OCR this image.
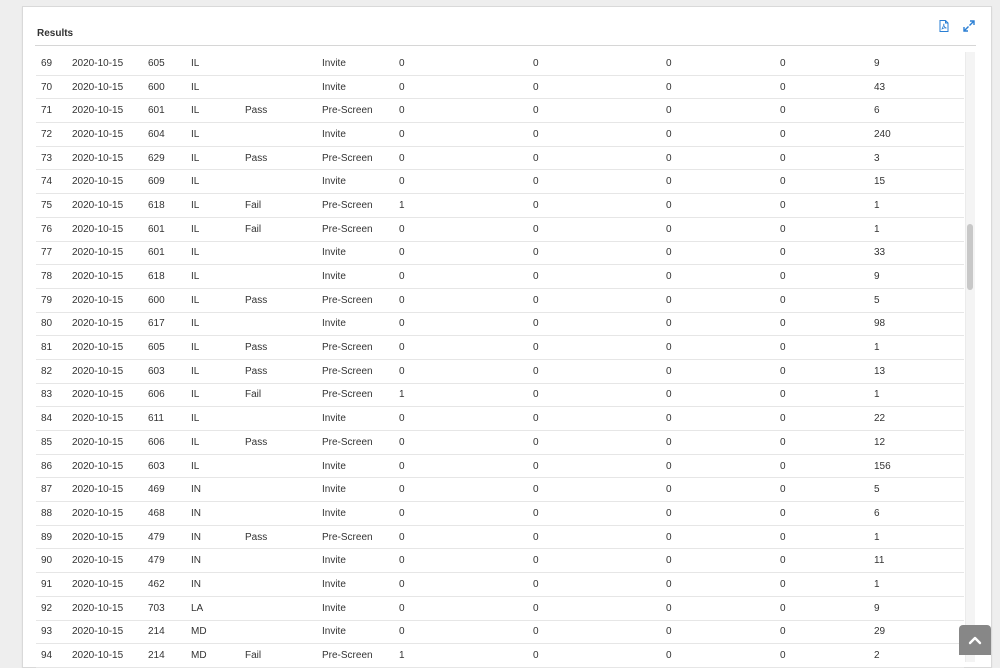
Results
69	2020-10-15	605	IL		Invite	0	0	0	0	9
70	2020-10-15	600	IL		Invite	0	0	0	0	43
71	2020-10-15	601	IL	Pass	Pre-Screen	0	0	0	0	6
72	2020-10-15	604	IL		Invite	0	0	0	0	240
73	2020-10-15	629	IL	Pass	Pre-Screen	0	0	0	0	3
74	2020-10-15	609	IL		Invite	0	0	0	0	15
75	2020-10-15	618	IL	Fail	Pre-Screen	1	0	0	0	1
76	2020-10-15	601	IL	Fail	Pre-Screen	0	0	0	0	1
77	2020-10-15	601	IL		Invite	0	0	0	0	33
78	2020-10-15	618	IL		Invite	0	0	0	0	9
79	2020-10-15	600	IL	Pass	Pre-Screen	0	0	0	0	5
80	2020-10-15	617	IL		Invite	0	0	0	0	98
81	2020-10-15	605	IL	Pass	Pre-Screen	0	0	0	0	1
82	2020-10-15	603	IL	Pass	Pre-Screen	0	0	0	0	13
83	2020-10-15	606	IL	Fail	Pre-Screen	1	0	0	0	1
84	2020-10-15	611	IL		Invite	0	0	0	0	22
85	2020-10-15	606	IL	Pass	Pre-Screen	0	0	0	0	12
86	2020-10-15	603	IL		Invite	0	0	0	0	156
87	2020-10-15	469	IN		Invite	0	0	0	0	5
88	2020-10-15	468	IN		Invite	0	0	0	0	6
89	2020-10-15	479	IN	Pass	Pre-Screen	0	0	0	0	1
90	2020-10-15	479	IN		Invite	0	0	0	0	11
91	2020-10-15	462	IN		Invite	0	0	0	0	1
92	2020-10-15	703	LA		Invite	0	0	0	0	9
93	2020-10-15	214	MD		Invite	0	0	0	0	29
94	2020-10-15	214	MD	Fail	Pre-Screen	1	0	0	0	2
